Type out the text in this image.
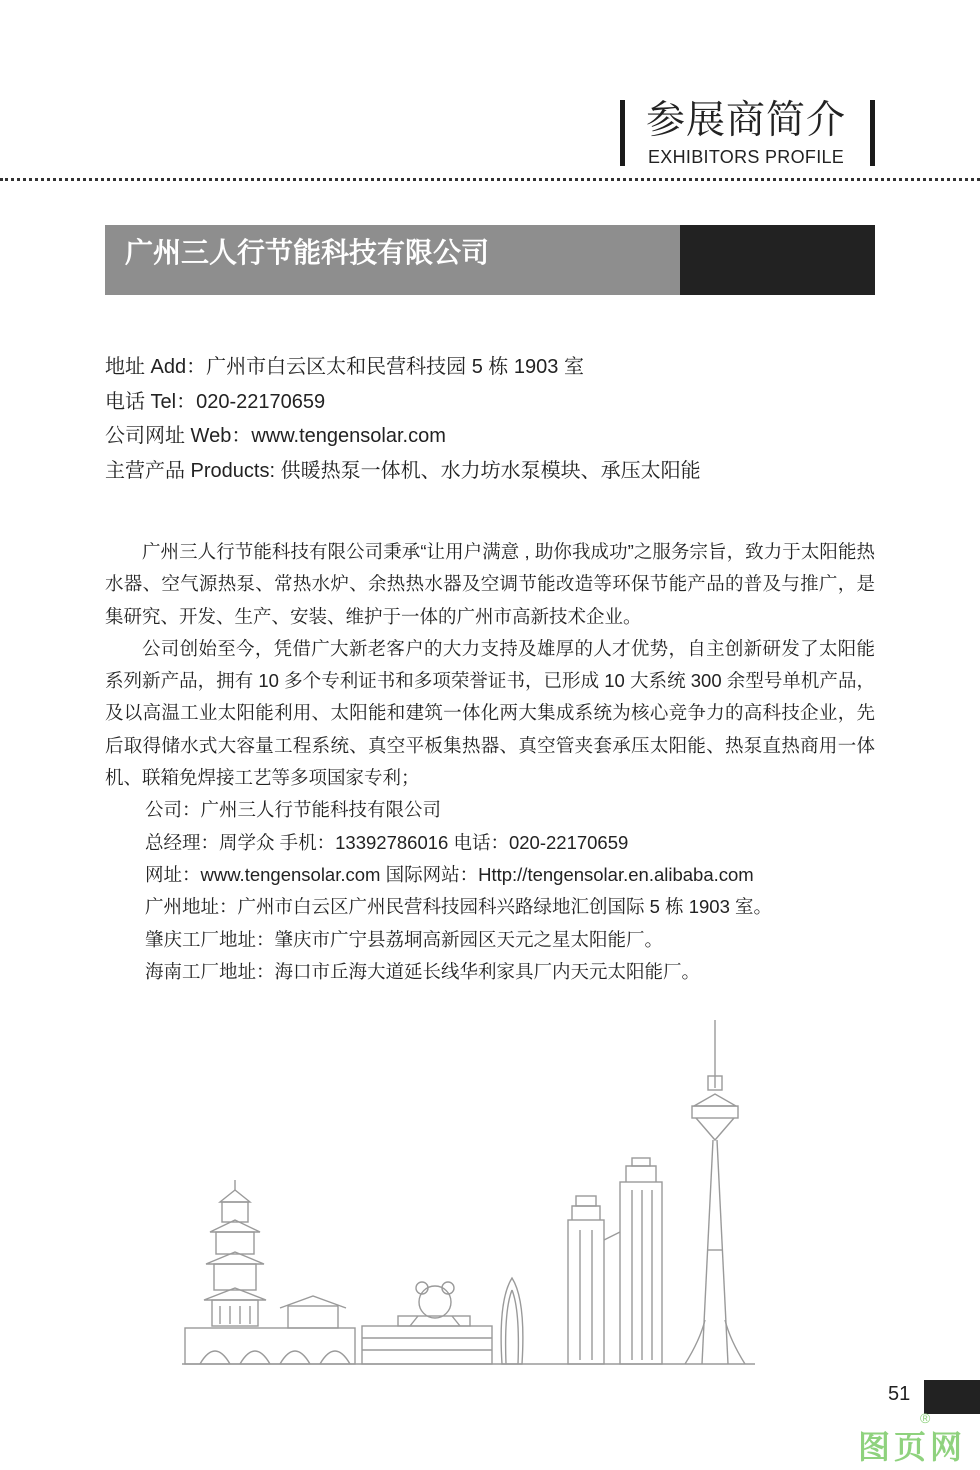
参展商简介
EXHIBITORS PROFILE
广州三人行节能科技有限公司
地址 Add：广州市白云区太和民营科技园 5 栋 1903 室
电话 Tel：020-22170659
公司网址 Web：www.tengensolar.com
主营产品 Products: 供暖热泵一体机、水力坊水泵模块、承压太阳能

广州三人行节能科技有限公司秉承“让用户满意 , 助你我成功”之服务宗旨，致力于太阳能热水器、空气源热泵、常热水炉、余热热水器及空调节能改造等环保节能产品的普及与推广，是集研究、开发、生产、安装、维护于一体的广州市高新技术企业。

公司创始至今，凭借广大新老客户的大力支持及雄厚的人才优势，自主创新研发了太阳能系列新产品，拥有 10 多个专利证书和多项荣誉证书，已形成 10 大系统 300 余型号单机产品，及以高温工业太阳能利用、太阳能和建筑一体化两大集成系统为核心竞争力的高科技企业，先后取得储水式大容量工程系统、真空平板集热器、真空管夹套承压太阳能、热泵直热商用一体机、联箱免焊接工艺等多项国家专利；

公司：广州三人行节能科技有限公司
总经理：周学众 手机：13392786016 电话：020-22170659
网址：www.tengensolar.com 国际网站：Http://tengensolar.en.alibaba.com
广州地址：广州市白云区广州民营科技园科兴路绿地汇创国际 5 栋 1903 室。
肇庆工厂地址：肇庆市广宁县荔垌高新园区天元之星太阳能厂。
海南工厂地址：海口市丘海大道延长线华利家具厂内天元太阳能厂。
51
图页网
®
